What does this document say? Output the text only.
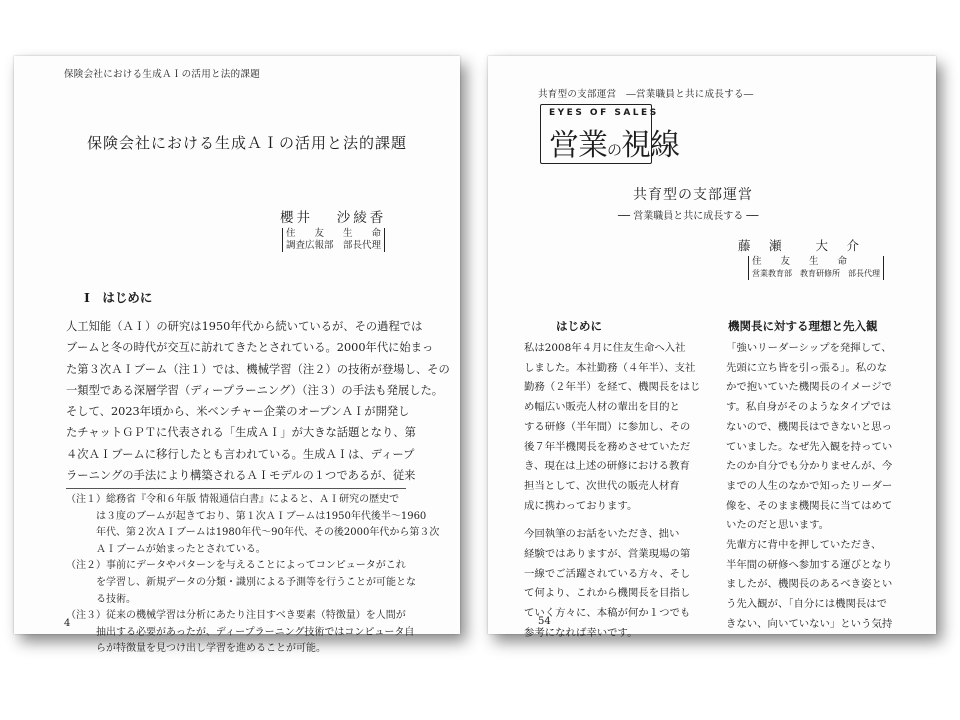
保険会社における生成ＡＩの活用と法的課題
保険会社における生成ＡＩの活用と法的課題
櫻井　 沙綾香
住　　友　　生　　命
調査広報部　部長代理
Ⅰ　はじめに
人工知能（ＡＩ）の研究は1950年代から続いているが、その過程では
ブームと冬の時代が交互に訪れてきたとされている。2000年代に始まっ
た第３次ＡＩブーム（注１）では、機械学習（注２）の技術が登場し、その
一類型である深層学習（ディープラーニング）（注３）の手法も発展した。
そして、2023年頃から、米ベンチャー企業のオープンＡＩが開発し
たチャットＧＰＴに代表される「生成ＡＩ」が大きな話題となり、第
４次ＡＩブームに移行したとも言われている。生成ＡＩは、ディープ
ラーニングの手法により構築されるＡＩモデルの１つであるが、従来
（注１）総務省『令和６年版 情報通信白書』によると、ＡＩ研究の歴史で
　　　は３度のブームが起きており、第１次ＡＩブームは1950年代後半～1960
　　　年代、第２次ＡＩブームは1980年代～90年代、その後2000年代から第３次
　　　ＡＩブームが始まったとされている。
（注２）事前にデータやパターンを与えることによってコンピュータがこれ
　　　を学習し、新規データの分類・識別による予測等を行うことが可能とな
　　　る技術。
（注３）従来の機械学習は分析にあたり注目すべき要素（特徴量）を人間が
　　　抽出する必要があったが、ディープラーニング技術ではコンピュータ自
　　　らが特徴量を見つけ出し学習を進めることが可能。
4
共育型の支部運営　―営業職員と共に成長する―
EYES OF SALES
営業の視線
共育型の支部運営
── 営業職員と共に成長する ──
藤　瀬　　大　介
住　　友　　生　　命
営業教育部　教育研修所　部長代理
はじめに	機関長に対する理想と先入観
私は2008年４月に住友生命へ入社
しました。本社勤務（４年半）、支社
勤務（２年半）を経て、機関長をはじ
め幅広い販売人材の輩出を目的と
する研修（半年間）に参加し、その
後７年半機関長を務めさせていただ
き、現在は上述の研修における教育
担当として、次世代の販売人材育
成に携わっております。
今回執筆のお話をいただき、拙い
経験ではありますが、営業現場の第
一線でご活躍されている方々、そし
て何より、これから機関長を目指し
ていく方々に、本稿が何か１つでも
参考になれば幸いです。
「強いリーダーシップを発揮して、
先頭に立ち皆を引っ張る」。私のな
かで抱いていた機関長のイメージで
す。私自身がそのようなタイプでは
ないので、機関長はできないと思っ
ていました。なぜ先入観を持ってい
たのか自分でも分かりませんが、今
までの人生のなかで知ったリーダー
像を、そのまま機関長に当てはめて
いたのだと思います。
先輩方に背中を押していただき、
半年間の研修へ参加する運びとなり
ましたが、機関長のあるべき姿とい
う先入観が、「自分には機関長はで
きない、向いていない」という気持
54
